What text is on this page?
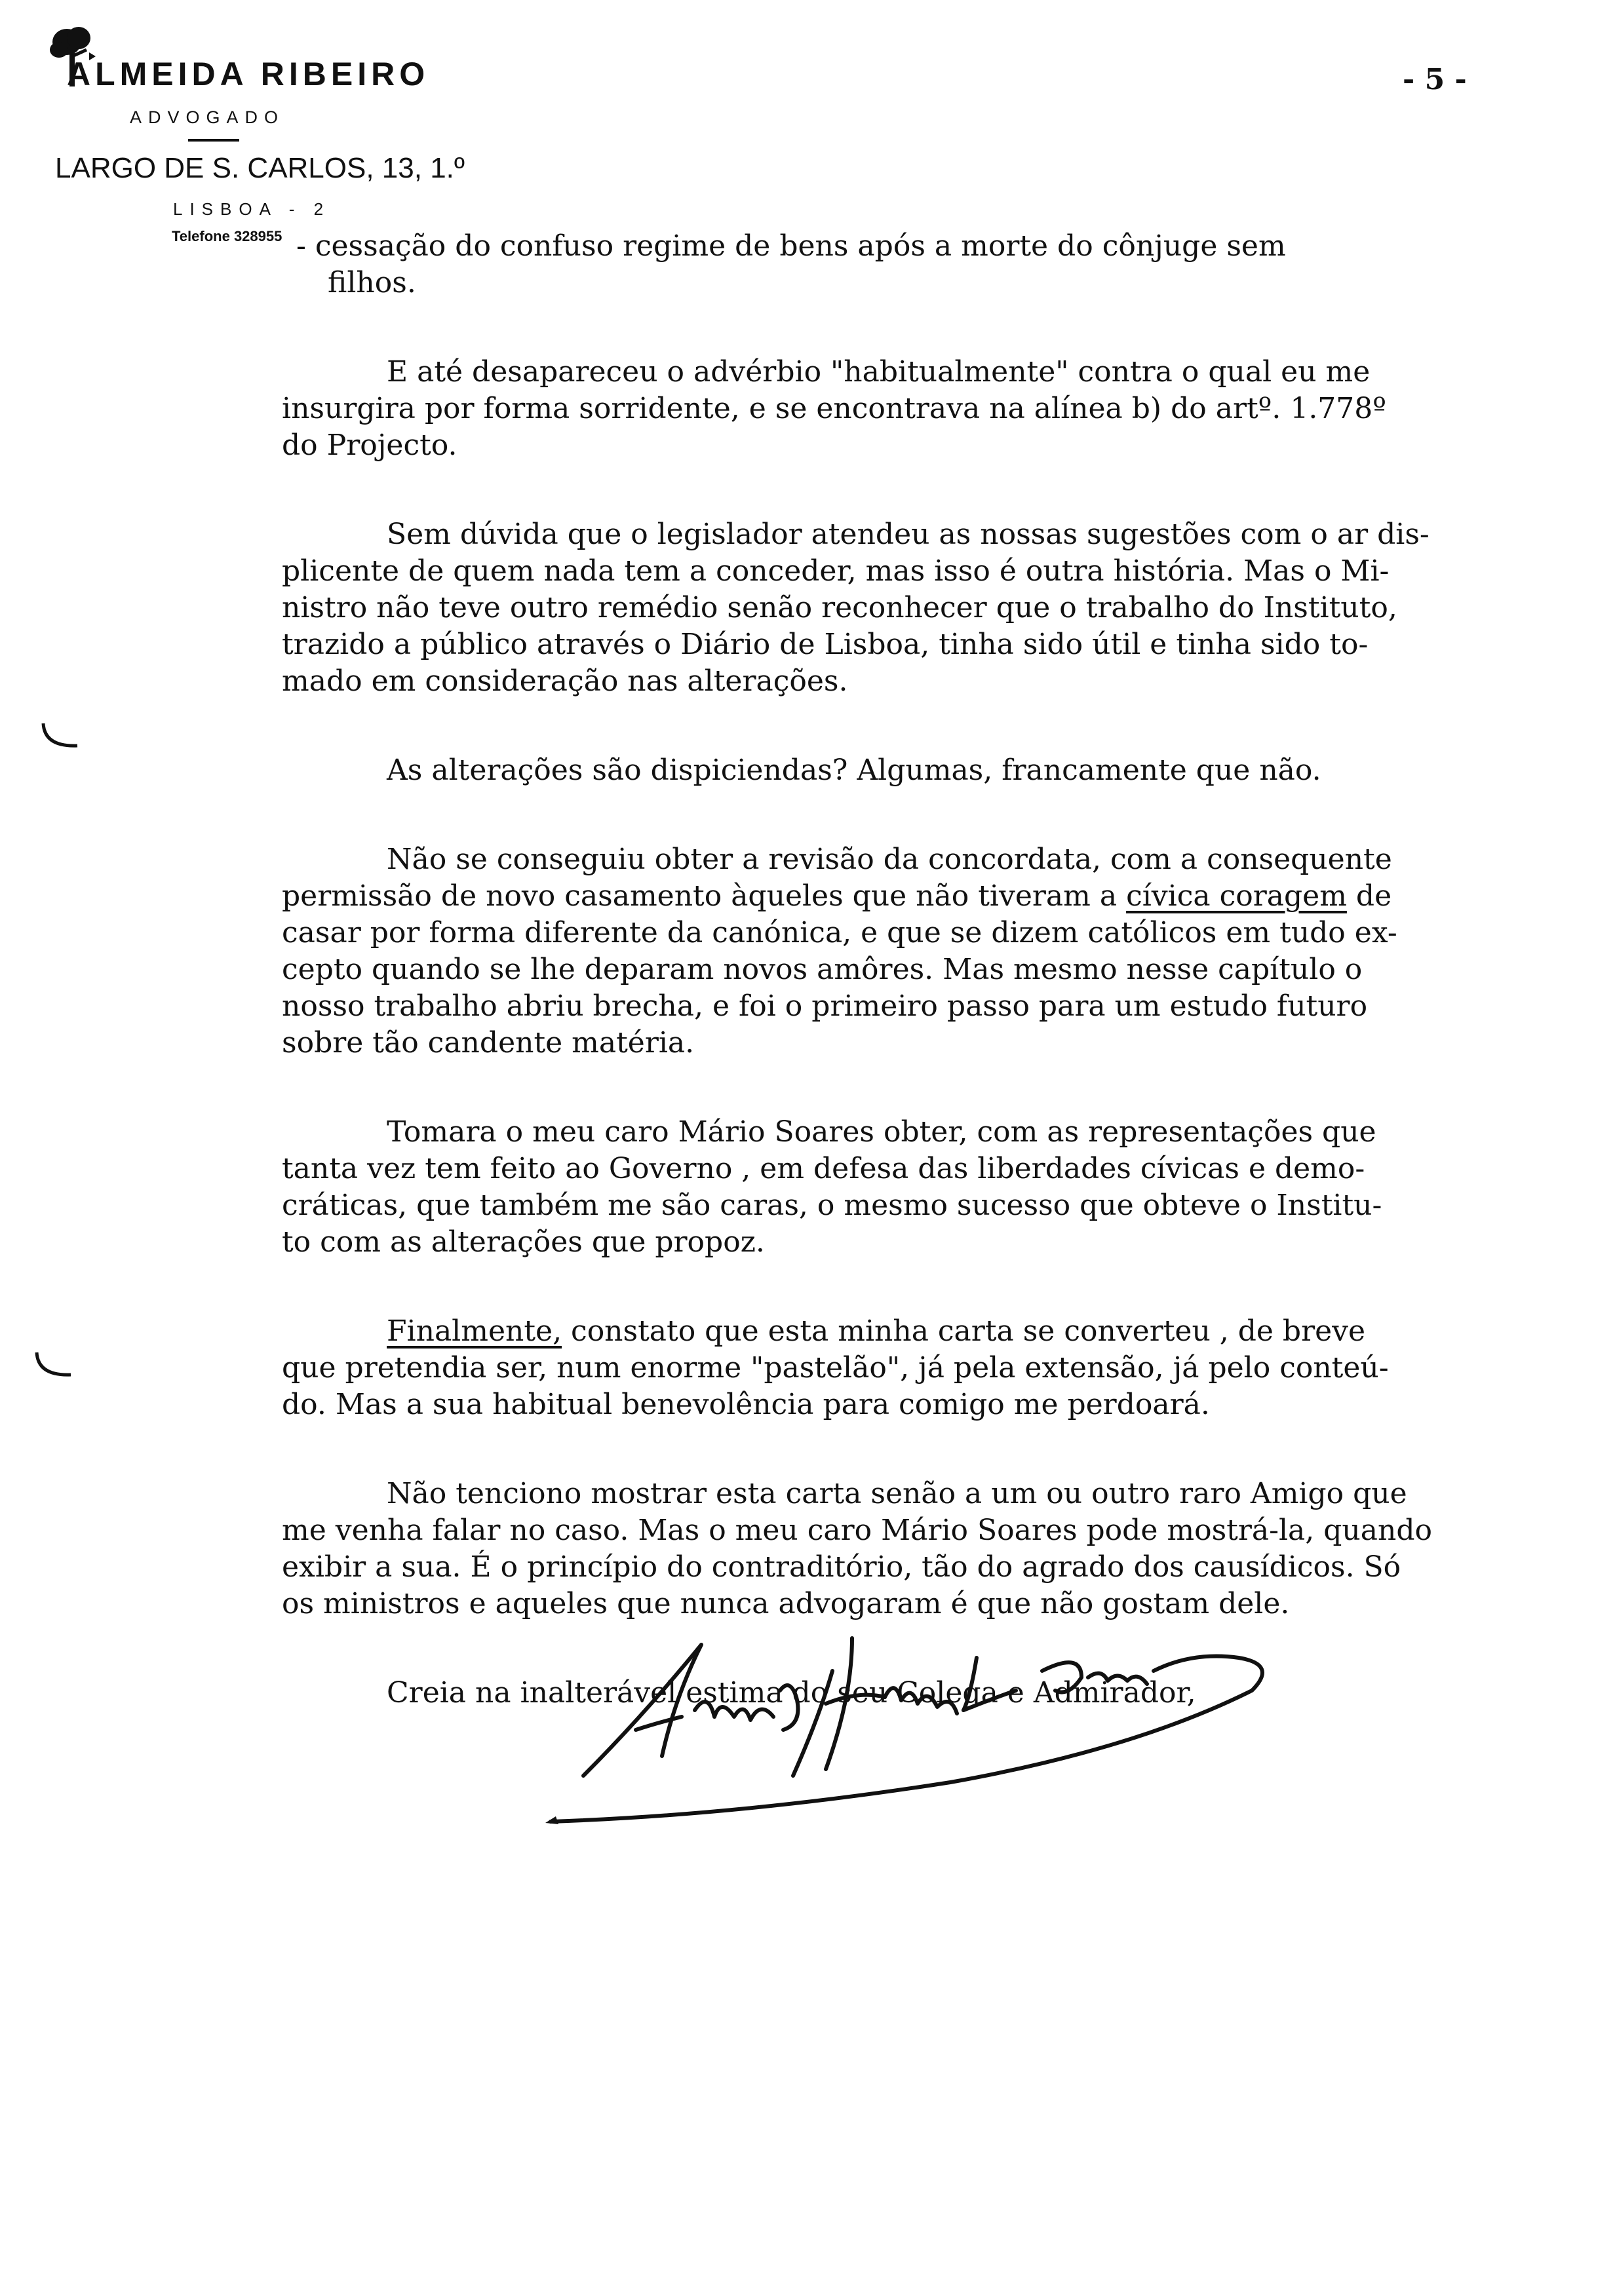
ALMEIDA RIBEIRO
ADVOGADO
LARGO DE S. CARLOS, 13, 1.º
LISBOA - 2
Telefone 328955
- 5 -
- cessação do confuso regime de bens após a morte do cônjuge sem
filhos.
E até desapareceu o advérbio "habitualmente" contra o qual eu me
insurgira por forma sorridente, e se encontrava na alínea b) do artº. 1.778º
do Projecto.
Sem dúvida que o legislador atendeu as nossas sugestões com o ar dis-
plicente de quem nada tem a conceder, mas isso é outra história. Mas o Mi-
nistro não teve outro remédio senão reconhecer que o trabalho do Instituto,
trazido a público através o Diário de Lisboa, tinha sido útil e tinha sido to-
mado em consideração nas alterações.
As alterações são dispiciendas? Algumas, francamente que não.
Não se conseguiu obter a revisão da concordata, com a consequente
permissão de novo casamento àqueles que não tiveram a cívica coragem de
casar por forma diferente da canónica, e que se dizem católicos em tudo ex-
cepto quando se lhe deparam novos amôres. Mas mesmo nesse capítulo o
nosso trabalho abriu brecha, e foi o primeiro passo para um estudo futuro
sobre tão candente matéria.
Tomara o meu caro Mário Soares obter, com as representações que
tanta vez tem feito ao Governo , em defesa das liberdades cívicas e demo-
cráticas, que também me são caras, o mesmo sucesso que obteve o Institu-
to com as alterações que propoz.
Finalmente, constato que esta minha carta se converteu , de breve
que pretendia ser, num enorme "pastelão", já pela extensão, já pelo conteú-
do. Mas a sua habitual benevolência para comigo me perdoará.
Não tenciono mostrar esta carta senão a um ou outro raro Amigo que
me venha falar no caso. Mas o meu caro Mário Soares pode mostrá-la, quando
exibir a sua. É o princípio do contraditório, tão do agrado dos causídicos. Só
os ministros e aqueles que nunca advogaram é que não gostam dele.
Creia na inalterável estima do seu Colega e Admirador,
